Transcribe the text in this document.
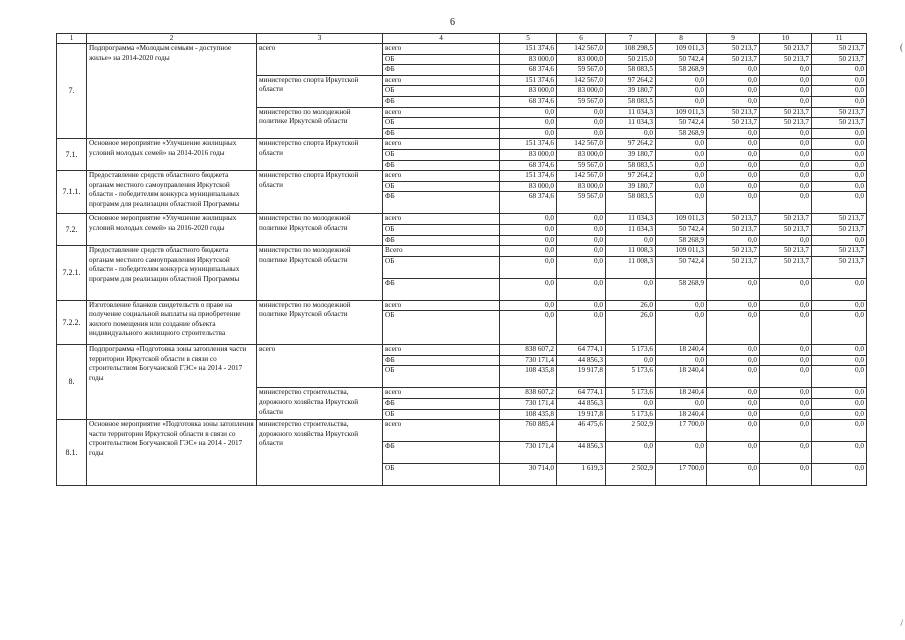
6
1	2	3	4	5	6	7	8	9	10	11
7.	Подпрограмма «Молодым семьям - доступное жилье» на 2014-2020 годы	всего	всего	151 374,6	142 567,0	108 298,5	109 011,3	50 213,7	50 213,7	50 213,7
			ОБ	83 000,0	83 000,0	50 215,0	50 742,4	50 213,7	50 213,7	50 213,7
			ФБ	68 374,6	59 567,0	58 083,5	58 268,9	0,0	0,0	0,0
		министерство спорта Иркутской области	всего	151 374,6	142 567,0	97 264,2	0,0	0,0	0,0	0,0
			ОБ	83 000,0	83 000,0	39 180,7	0,0	0,0	0,0	0,0
			ФБ	68 374,6	59 567,0	58 083,5	0,0	0,0	0,0	0,0
		министерство по молодежной политике Иркутской области	всего	0,0	0,0	11 034,3	109 011,3	50 213,7	50 213,7	50 213,7
			ОБ	0,0	0,0	11 034,3	50 742,4	50 213,7	50 213,7	50 213,7
			ФБ	0,0	0,0	0,0	58 268,9	0,0	0,0	0,0
7.1.	Основное мероприятие «Улучшение жилищных условий молодых семей» на 2014-2016 годы	министерство спорта Иркутской области	всего	151 374,6	142 567,0	97 264,2	0,0	0,0	0,0	0,0
			ОБ	83 000,0	83 000,0	39 180,7	0,0	0,0	0,0	0,0
			ФБ	68 374,6	59 567,0	58 083,5	0,0	0,0	0,0	0,0
7.1.1.	Предоставление средств областного бюджета органам местного самоуправления Иркутской области - победителям конкурса муниципальных программ для реализации областной Программы	министерство спорта Иркутской области	всего	151 374,6	142 567,0	97 264,2	0,0	0,0	0,0	0,0
			ОБ	83 000,0	83 000,0	39 180,7	0,0	0,0	0,0	0,0
			ФБ	68 374,6	59 567,0	58 083,5	0,0	0,0	0,0	0,0
7.2.	Основное мероприятие «Улучшение жилищных условий молодых семей» на 2016-2020 годы	министерство по молодежной политике Иркутской области	всего	0,0	0,0	11 034,3	109 011,3	50 213,7	50 213,7	50 213,7
			ОБ	0,0	0,0	11 034,3	50 742,4	50 213,7	50 213,7	50 213,7
			ФБ	0,0	0,0	0,0	58 268,9	0,0	0,0	0,0
7.2.1.	Предоставление средств областного бюджета органам местного самоуправления Иркутской области - победителям конкурса муниципальных программ для реализации областной Программы	министерство по молодежной политике Иркутской области	Всего	0,0	0,0	11 008,3	109 011,3	50 213,7	50 213,7	50 213,7
			ОБ	0,0	0,0	11 008,3	50 742,4	50 213,7	50 213,7	50 213,7
			ФБ	0,0	0,0	0,0	58 268,9	0,0	0,0	0,0
7.2.2.	Изготовление бланков свидетельств о праве на получение социальной выплаты на приобретение жилого помещения или создание объекта индивидуального жилищного строительства	министерство по молодежной политике Иркутской области	всего	0,0	0,0	26,0	0,0	0,0	0,0	0,0
			ОБ	0,0	0,0	26,0	0,0	0,0	0,0	0,0
8.	Подпрограмма «Подготовка зоны затопления части территории Иркутской области в связи со строительством Богучанской ГЭС» на 2014 - 2017 годы	всего	всего	838 607,2	64 774,1	5 173,6	18 240,4	0,0	0,0	0,0
			ФБ	730 171,4	44 856,3	0,0	0,0	0,0	0,0	0,0
			ОБ	108 435,8	19 917,8	5 173,6	18 240,4	0,0	0,0	0,0
		министерство строительства, дорожного хозяйства Иркутской области	всего	838 607,2	64 774,1	5 173,6	18 240,4	0,0	0,0	0,0
			ФБ	730 171,4	44 856,3	0,0	0,0	0,0	0,0	0,0
			ОБ	108 435,8	19 917,8	5 173,6	18 240,4	0,0	0,0	0,0
8.1.	Основное мероприятие «Подготовка зоны затопления части территории Иркутской области в связи со строительством Богучанской ГЭС» на 2014 - 2017 годы	министерство строительства, дорожного хозяйства Иркутской области	всего	760 885,4	46 475,6	2 502,9	17 700,0	0,0	0,0	0,0
			ФБ	730 171,4	44 856,3	0,0	0,0	0,0	0,0	0,0
			ОБ	30 714,0	1 619,3	2 502,9	17 700,0	0,0	0,0	0,0
(
/
